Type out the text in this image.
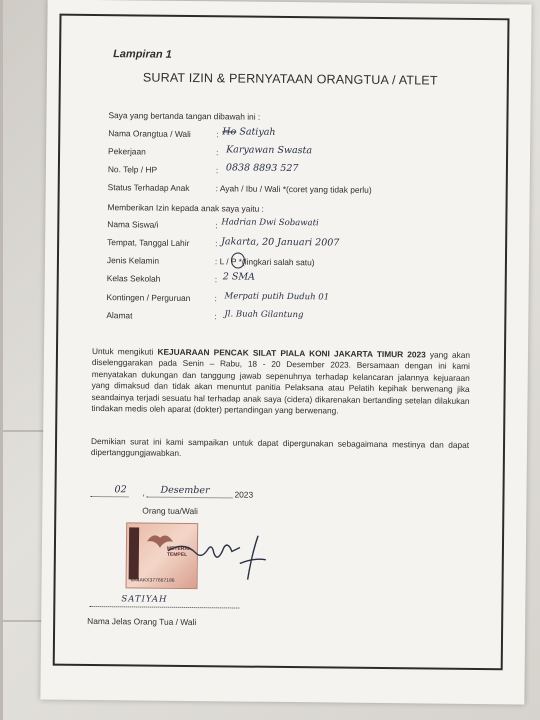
Lampiran 1
SURAT IZIN & PERNYATAAN ORANGTUA / ATLET
Saya yang bertanda tangan dibawah ini :
Nama Orangtua / Wali	: Ho Satiyah
Pekerjaan	: Karyawan Swasta
No. Telp / HP	: 0838 8893 527
Status Terhadap Anak	: Ayah / Ibu / Wali *(coret yang tidak perlu)
Memberikan Izin kepada anak saya yaitu :
Nama Siswa/i	: Hadrian Dwi Sobawati
Tempat, Tanggal Lahir	: Jakarta, 20 Januari 2007
Jenis Kelamin	: L / P *(lingkari salah satu)
Kelas Sekolah	: 2 SMA
Kontingen / Perguruan	: Merpati putih Duduh 01
Alamat	: Jl. Buah Gilantung
Untuk mengikuti KEJUARAAN PENCAK SILAT PIALA KONI JAKARTA TIMUR 2023 yang akan diselenggarakan pada Senin – Rabu, 18 - 20 Desember 2023. Bersamaan dengan ini kami menyatakan dukungan dan tanggung jawab sepenuhnya terhadap kelancaran jalannya kejuaraan yang dimaksud dan tidak akan menuntut panitia Pelaksana atau Pelatih kepihak berwenang jika seandainya terjadi sesuatu hal terhadap anak saya (cidera) dikarenakan bertanding setelan dilakukan tindakan medis oleh aparat (dokter) pertandingan yang berwenang.
Demikian surat ini kami sampaikan untuk dapat dipergunakan sebagaimana mestinya dan dapat dipertanggungjawabkan.
02 , Desember	2023
Orang tua/Wali
METERAI TEMPEL
6A4AKX377667186
SATIYAH
Nama Jelas Orang Tua / Wali
